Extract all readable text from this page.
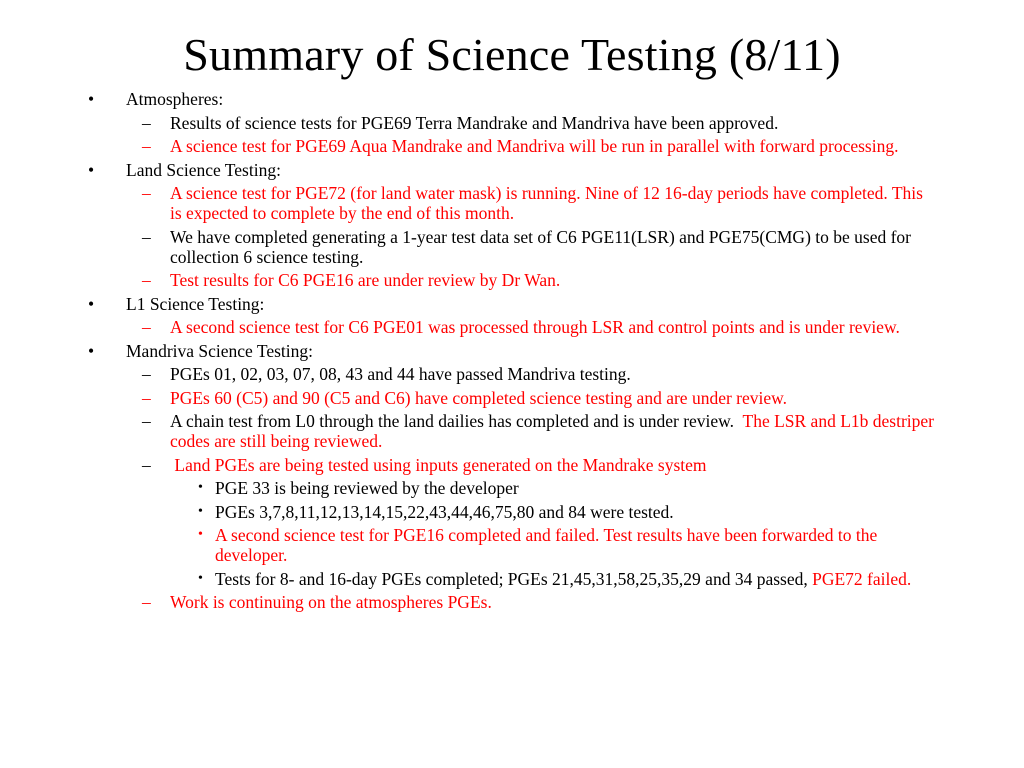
Summary of Science Testing (8/11)
• Atmospheres:
– Results of science tests for PGE69 Terra Mandrake and Mandriva have been approved.
– A science test for PGE69 Aqua Mandrake and Mandriva will be run in parallel with forward processing.
• Land Science Testing:
– A science test for PGE72 (for land water mask) is running. Nine of 12 16-day periods have completed. This is expected to complete by the end of this month.
– We have completed generating a 1-year test data set of C6 PGE11(LSR) and PGE75(CMG) to be used for collection 6 science testing.
– Test results for C6 PGE16 are under review by Dr Wan.
• L1 Science Testing:
– A second science test for C6 PGE01 was processed through LSR and control points and is under review.
• Mandriva Science Testing:
– PGEs 01, 02, 03, 07, 08, 43 and 44 have passed Mandriva testing.
– PGEs 60 (C5) and 90 (C5 and C6) have completed science testing and are under review.
– A chain test from L0 through the land dailies has completed and is under review. The LSR and L1b destriper codes are still being reviewed.
– Land PGEs are being tested using inputs generated on the Mandrake system
• PGE 33 is being reviewed by the developer
• PGEs 3,7,8,11,12,13,14,15,22,43,44,46,75,80 and 84 were tested.
• A second science test for PGE16 completed and failed. Test results have been forwarded to the developer.
• Tests for 8- and 16-day PGEs completed; PGEs 21,45,31,58,25,35,29 and 34 passed, PGE72 failed.
– Work is continuing on the atmospheres PGEs.
